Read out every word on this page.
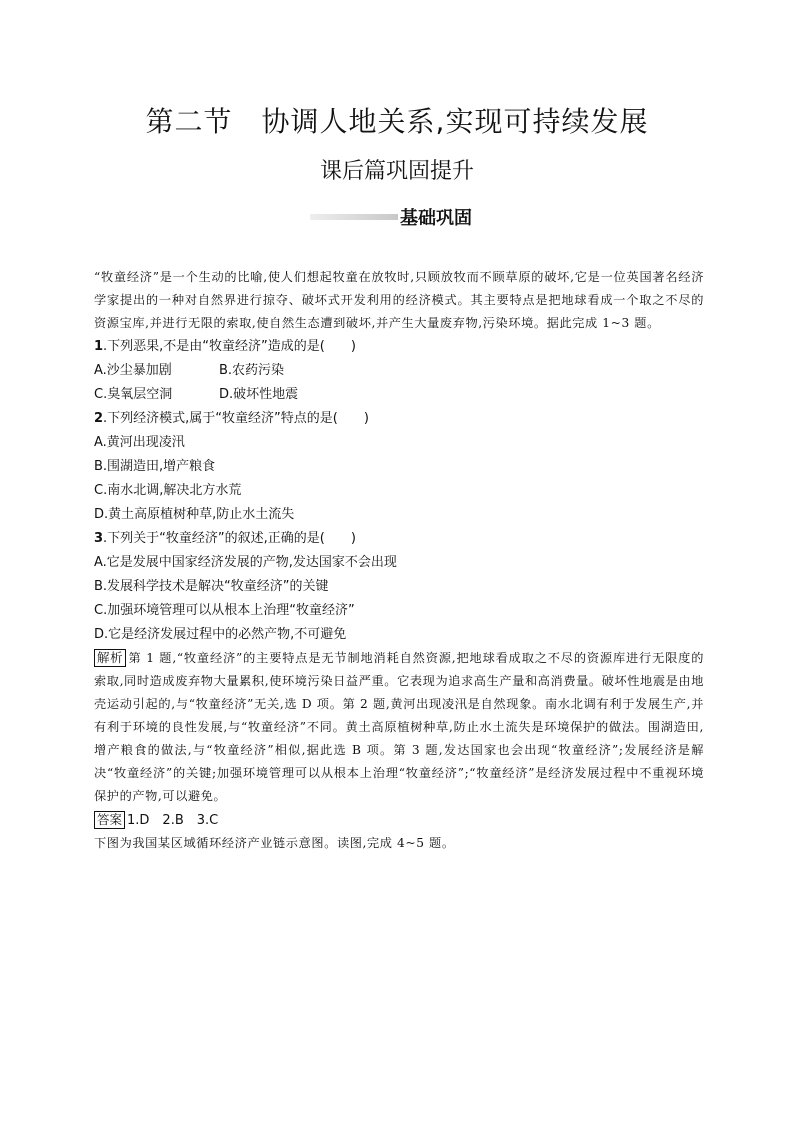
第二节　协调人地关系,实现可持续发展
课后篇巩固提升
基础巩固

“牧童经济”是一个生动的比喻,使人们想起牧童在放牧时,只顾放牧而不顾草原的破坏,它是一位英国著名经济学家提出的一种对自然界进行掠夺、破坏式开发利用的经济模式。其主要特点是把地球看成一个取之不尽的资源宝库,并进行无限的索取,使自然生态遭到破坏,并产生大量废弃物,污染环境。据此完成 1~3 题。

1.下列恶果,不是由“牧童经济”造成的是(　　)

A.沙尘暴加剧	B.农药污染

C.臭氧层空洞	D.破坏性地震

2.下列经济模式,属于“牧童经济”特点的是(　　)

A.黄河出现凌汛

B.围湖造田,增产粮食

C.南水北调,解决北方水荒

D.黄土高原植树种草,防止水土流失

3.下列关于“牧童经济”的叙述,正确的是(　　)

A.它是发展中国家经济发展的产物,发达国家不会出现

B.发展科学技术是解决“牧童经济”的关键

C.加强环境管理可以从根本上治理“牧童经济”

D.它是经济发展过程中的必然产物,不可避免

解析 第 1 题,“牧童经济”的主要特点是无节制地消耗自然资源,把地球看成取之不尽的资源库进行无限度的索取,同时造成废弃物大量累积,使环境污染日益严重。它表现为追求高生产量和高消费量。破坏性地震是由地壳运动引起的,与“牧童经济”无关,选 D 项。第 2 题,黄河出现凌汛是自然现象。南水北调有利于发展生产,并有利于环境的良性发展,与“牧童经济”不同。黄土高原植树种草,防止水土流失是环境保护的做法。围湖造田,增产粮食的做法,与“牧童经济”相似,据此选 B 项。第 3 题,发达国家也会出现“牧童经济”;发展经济是解决“牧童经济”的关键;加强环境管理可以从根本上治理“牧童经济”;“牧童经济”是经济发展过程中不重视环境保护的产物,可以避免。

答案 1.D　2.B　3.C

下图为我国某区域循环经济产业链示意图。读图,完成 4~5 题。
